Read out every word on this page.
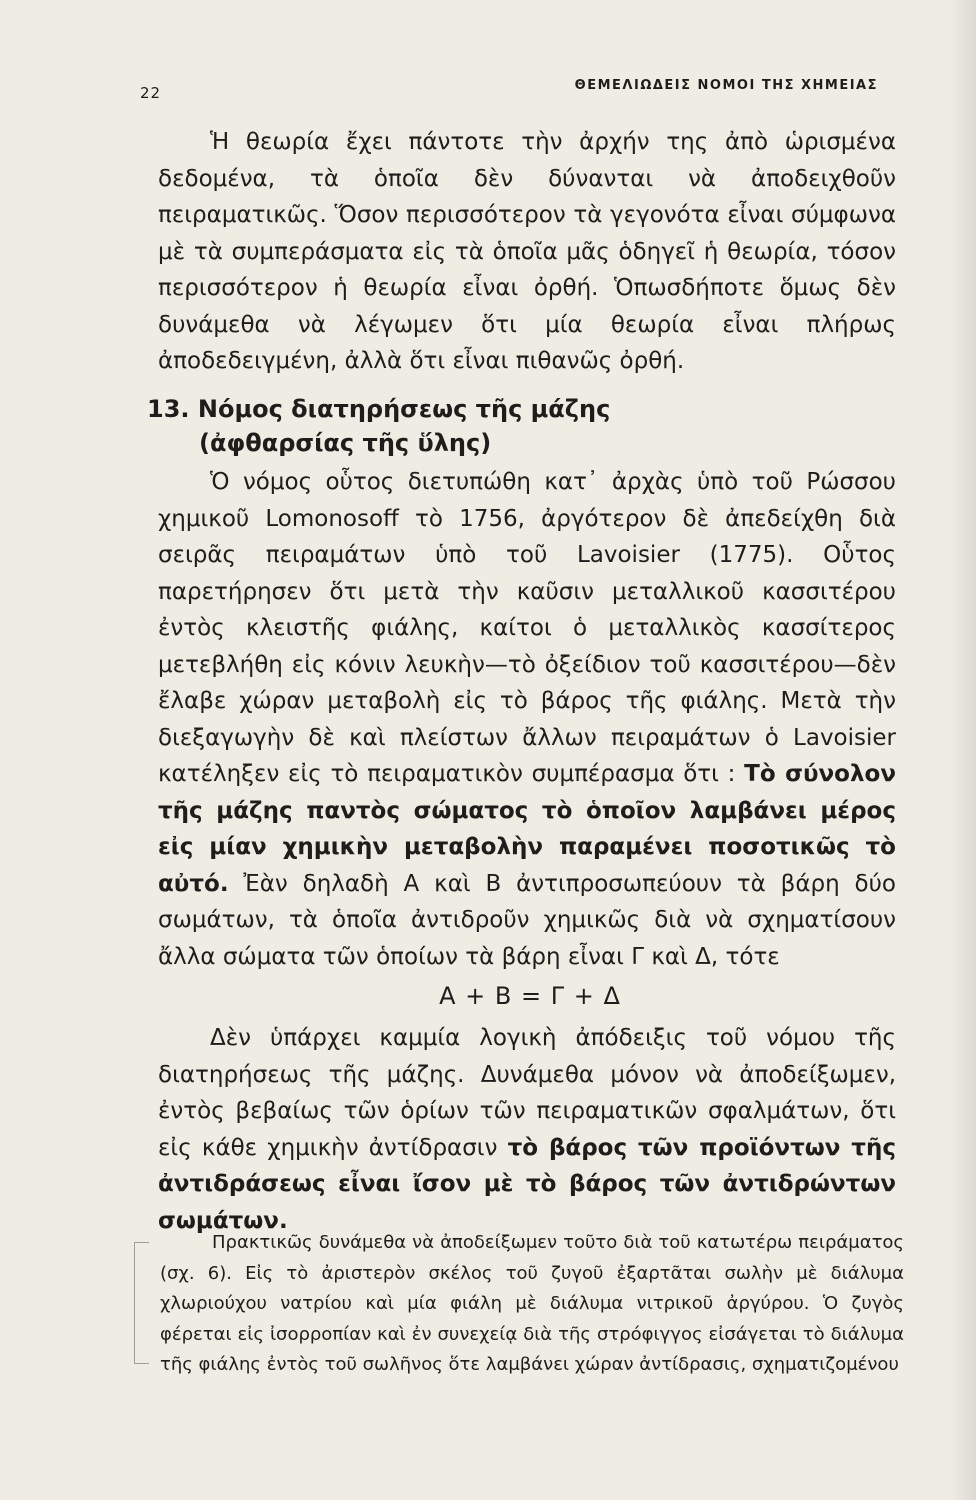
22	ΘΕΜΕΛΙΩΔΕΙΣ ΝΟΜΟΙ ΤΗΣ ΧΗΜΕΙΑΣ

Ἡ θεωρία ἔχει πάντοτε τὴν ἀρχήν της ἀπὸ ὡρισμένα δεδομένα, τὰ ὁποῖα δὲν δύνανται νὰ ἀποδειχθοῦν πειραματικῶς. Ὅσον περισσότερον τὰ γεγονότα εἶναι σύμφωνα μὲ τὰ συμπεράσματα εἰς τὰ ὁποῖα μᾶς ὁδηγεῖ ἡ θεωρία, τόσον περισσότερον ἡ θεωρία εἶναι ὀρθή. Ὁπωσδήποτε ὅμως δὲν δυνάμεθα νὰ λέγωμεν ὅτι μία θεωρία εἶναι πλήρως ἀποδεδειγμένη, ἀλλὰ ὅτι εἶναι πιθανῶς ὀρθή.

13. Νόμος διατηρήσεως τῆς μάζης
(ἀφθαρσίας τῆς ὕλης)

Ὁ νόμος οὗτος διετυπώθη κατ᾽ ἀρχὰς ὑπὸ τοῦ Ρώσσου χημικοῦ Lomonosoff τὸ 1756, ἀργότερον δὲ ἀπεδείχθη διὰ σειρᾶς πειραμάτων ὑπὸ τοῦ Lavoisier (1775). Οὗτος παρετήρησεν ὅτι μετὰ τὴν καῦσιν μεταλλικοῦ κασσιτέρου ἐντὸς κλειστῆς φιάλης, καίτοι ὁ μεταλλικὸς κασσίτερος μετεβλήθη εἰς κόνιν λευκὴν—τὸ ὀξείδιον τοῦ κασσιτέρου—δὲν ἔλαβε χώραν μεταβολὴ εἰς τὸ βάρος τῆς φιάλης. Μετὰ τὴν διεξαγωγὴν δὲ καὶ πλείστων ἄλλων πειραμάτων ὁ Lavoisier κατέληξεν εἰς τὸ πειραματικὸν συμπέρασμα ὅτι : Τὸ σύνολον τῆς μάζης παντὸς σώματος τὸ ὁποῖον λαμβάνει μέρος εἰς μίαν χημικὴν μεταβολὴν παραμένει ποσοτικῶς τὸ αὐτό. Ἐὰν δηλαδὴ Α καὶ Β ἀντιπροσωπεύουν τὰ βάρη δύο σωμάτων, τὰ ὁποῖα ἀντιδροῦν χημικῶς διὰ νὰ σχηματίσουν ἄλλα σώματα τῶν ὁποίων τὰ βάρη εἶναι Γ καὶ Δ, τότε

Α + Β = Γ + Δ

Δὲν ὑπάρχει καμμία λογικὴ ἀπόδειξις τοῦ νόμου τῆς διατηρήσεως τῆς μάζης. Δυνάμεθα μόνον νὰ ἀποδείξωμεν, ἐντὸς βεβαίως τῶν ὁρίων τῶν πειραματικῶν σφαλμάτων, ὅτι εἰς κάθε χημικὴν ἀντίδρασιν τὸ βάρος τῶν προϊόντων τῆς ἀντιδράσεως εἶναι ἴσον μὲ τὸ βάρος τῶν ἀντιδρώντων σωμάτων.

Πρακτικῶς δυνάμεθα νὰ ἀποδείξωμεν τοῦτο διὰ τοῦ κατωτέρω πειράματος (σχ. 6). Εἰς τὸ ἀριστερὸν σκέλος τοῦ ζυγοῦ ἐξαρτᾶται σωλὴν μὲ διάλυμα χλωριούχου νατρίου καὶ μία φιάλη μὲ διάλυμα νιτρικοῦ ἀργύρου. Ὁ ζυγὸς φέρεται εἰς ἰσορροπίαν καὶ ἐν συνεχείᾳ διὰ τῆς στρόφιγγος εἰσάγεται τὸ διάλυμα τῆς φιάλης ἐντὸς τοῦ σωλῆνος ὅτε λαμβάνει χώραν ἀντίδρασις, σχηματιζομένου
